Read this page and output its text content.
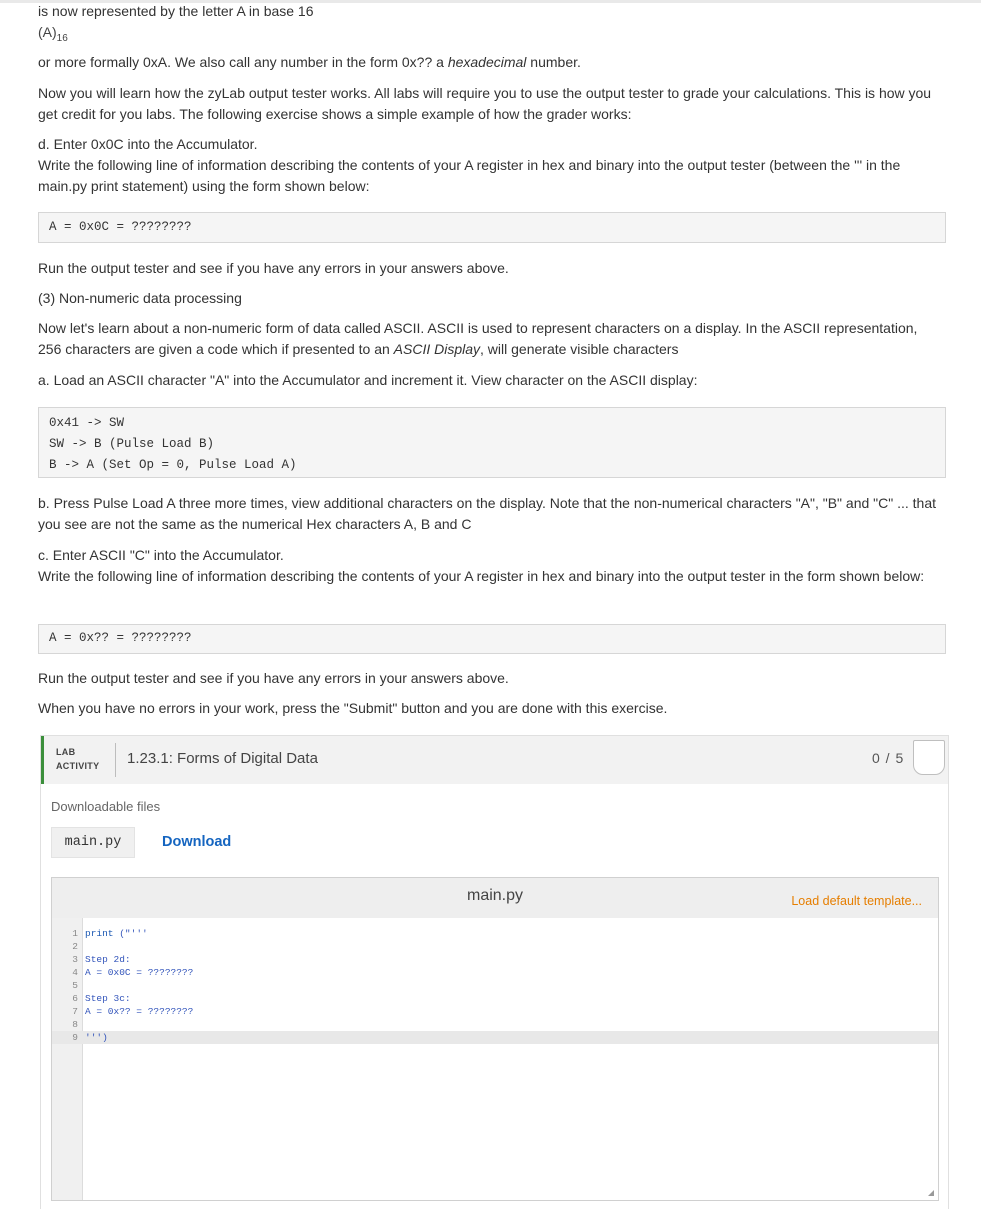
is now represented by the letter A in base 16

$(A)_{16}$

or more formally 0xA. We also call any number in the form 0x?? a hexadecimal number.

Now you will learn how the zyLab output tester works. All labs will require you to use the output tester to grade your calculations. This is how you get credit for you labs. The following exercise shows a simple example of how the grader works:

d. Enter 0x0C into the Accumulator.

Write the following line of information describing the contents of your A register in hex and binary into the output tester (between the ''' in the main.py print statement) using the form shown below:

A = 0x0C = ????????

Run the output tester and see if you have any errors in your answers above.

(3) Non-numeric data processing

Now let's learn about a non-numeric form of data called ASCII. ASCII is used to represent characters on a display. In the ASCII representation, 256 characters are given a code which if presented to an ASCII Display, will generate visible characters

a. Load an ASCII character "A" into the Accumulator and increment it. View character on the ASCII display:

0x41 -> SW
SW -> B (Pulse Load B)
B -> A (Set Op = 0, Pulse Load A)

b. Press Pulse Load A three more times, view additional characters on the display. Note that the non-numerical characters "A", "B" and "C" ... that you see are not the same as the numerical Hex characters A, B and C

c. Enter ASCII "C" into the Accumulator.

Write the following line of information describing the contents of your A register in hex and binary into the output tester in the form shown below:

A = 0x?? = ????????

Run the output tester and see if you have any errors in your answers above.

When you have no errors in your work, press the "Submit" button and you are done with this exercise.

LAB
ACTIVITY 1.23.1: Forms of Digital Data	0 / 5
Downloadable files
main.py	Download
main.py	Load default template...
1 print ("'''
2
3 Step 2d:
4 A = 0x0C = ????????
5
6 Step 3c:
7 A = 0x?? = ????????
8
9 ''')
